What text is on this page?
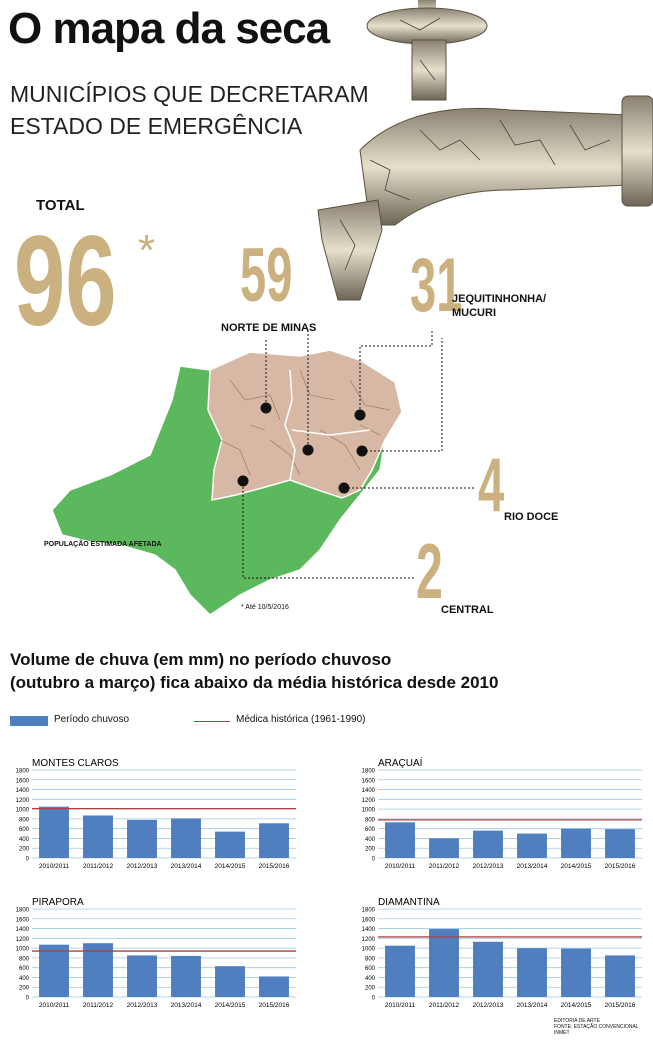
O mapa da seca
MUNICÍPIOS QUE DECRETARAM ESTADO DE EMERGÊNCIA
TOTAL
96 * 59
NORTE DE MINAS 31
JEQUITINHONHA/ MUCURI
4 RIO DOCE
2
CENTRAL
POPULAÇÃO ESTIMADA AFETADA
* Até 10/5/2016
Volume de chuva (em mm) no período chuvoso
(outubro a março) fica abaixo da média histórica desde 2010
Período chuvoso	Médica histórica (1961-1990)
MONTES CLAROS
0
200
400
600
800
1000
1200
1400
1600
1800
2010/2011 2011/2012 2012/2013 2013/2014 2014/2015 2015/2016
ARAÇUAÍ
0
200
400
600
800
1000
1200
1400
1600
1800
2010/2011 2011/2012 2012/2013 2013/2014 2014/2015 2015/2016
PIRAPORA
0
200
400
600
800
1000
1200
1400
1600
1800
2010/2011 2011/2012 2012/2013 2013/2014 2014/2015 2015/2016
DIAMANTINA
0
200
400
600
800
1000
1200
1400
1600
1800
2010/2011 2011/2012 2012/2013 2013/2014 2014/2015 2015/2016
EDITORIA DE ARTE
FONTE: ESTAÇÃO CONVENCIONAL INMET
